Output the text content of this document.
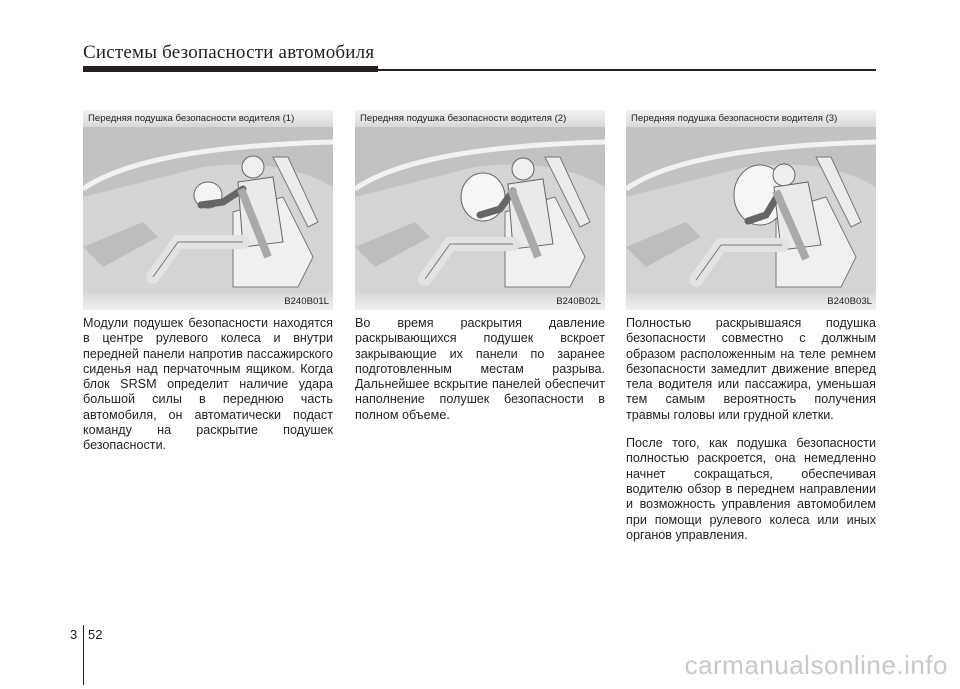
Системы безопасности автомобиля
Передняя подушка безопасности водителя (1)
B240B01L
Передняя подушка безопасности водителя (2)
B240B02L
Передняя подушка безопасности водителя (3)
B240B03L

Модули подушек безопасности находятся в центре рулевого колеса и внутри передней панели напротив пассажирского сиденья над перчаточным ящиком. Когда блок SRSM определит наличие удара большой силы в переднюю часть автомобиля, он автоматически подаст команду на раскрытие подушек безопасности.

Во время раскрытия давление раскрывающихся подушек вскроет закрывающие их панели по заранее подготовленным местам разрыва. Дальнейшее вскрытие панелей обеспечит наполнение полушек безопасности в полном объеме.

Полностью раскрывшаяся подушка безопасности совместно с должным образом расположенным на теле ремнем безопасности замедлит движение вперед тела водителя или пассажира, уменьшая тем самым вероятность получения травмы головы или грудной клетки.

После того, как подушка безопасности полностью раскроется, она немедленно начнет сокращаться, обеспечивая водителю обзор в переднем направлении и возможность управления автомобилем при помощи рулевого колеса или иных органов управления.

3 52
carmanualsonline.info
